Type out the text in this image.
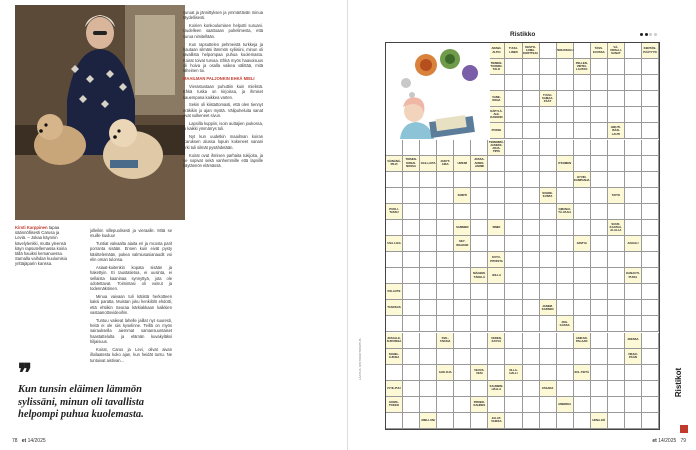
Kirsti Karppinen tapaa säännöllisesti Carusa ja Leviä. – Jokaa käynnin kävelylenkki, mutta yleensä käyn rapsutellemassa koiria tällä hauiksi kemanuessa. Samalla vaihdan kuulumisia yrittäjäparin kanssa.

jolleikin sillepuolisesti ja vieraalle. Mitä se muille kuuluu!

Tuntiat valvaalta aiaita eri ja mcosta parit porranta sisään. Ennen kuin eivät pysty käsittelemään, pukea valmiusasianaudit voi elin oman tulonsa.

Asiaat-kuitenkin kopata sisään ja hakettyin. Ei taustatietoa, ei uusinta, ei sellaista kaaninaa synnyttyä, jota ole odotettavat. Toimintasi oli voinut ja todennäköinen.

Minua vaivaan tuli kätistä herkotteen kaksi paratta. Muistan joku henkilölö ehdotti, että ehtiikin Seuraa kärkiakkaan kaikkien vastaanottovideoihin.

Tuntuu vaikeat lahelle jaillat nyt suuresti, heitä ei ole siis kyselinne. Teillä on myös sairauksella aiemmat samansuuntaiset haastattelulta ja elämän kuvakyläksi hiljaisuus.

Koirat, Carus ja Levi, olivat aivan illoilaatesta koko ajan, kun heidät tuntu. Ne tuntuivat aistivan...

suruat ja jännittyksen ja ymmärtävän minua täydellisesti.

Koirien konkoulumisen helpotti suruani. Uudelleen saattoaan puhelimesta, että surua nimitellään.

Kun rapsuttelen pehmeistä turkkeja ja hautaan silmäni lämmön syliisiini, minun oli tavallista helpompaa puhua kuolemasta. Koirat toivat turvaa. Ehkä myös haavoisuus oli hoiva ja osalla vaikea välittää, mitä läheinen toi.

MAAILMAN PALJONKIN EHKÄ MIELI

Vierastustaan puhuttiin kuin mielistä. Ehkä tuska on kirjoissa, ja ihmiset kauempana kaikkea varten.

Sekin oli kiistattomasti, että olen tiennyt eräkikin jo ajan myötä. Välipuheluita sanat ovat sulkeneet sivun.

Lapsilla kuppiin, isoin auttajien joukossa, ja kaikki ymmärrys tuli.

Nyt kun uudetkin maailman koiran Caruksen alussa lopuin kokeneet sanani arki tuli silmät pysähdetään.

Koirat ovat ihmisen parhaita tukijoita, ja ne sopivat sekä vanhemmille että lapsille käytännön elämässä.

❞
Kun tunsin eläimen lämmön sylissäni, minun oli tavallista helpompi puhua kuolemasta.
78 et 14/2025
Ristikko
ARABI-ALTIO
TUULI-LINEN
KESTO-LOMA-KORTTEJA
VERHOSOLU	TÄSS-KUUSSA
VÄ-VIRALLI-SANAT
KENTÄN-PÄÄTYYN
TIEMEN-TUOMIO-TALO
VANE-MOJA
KÄPYLÄ-AHI-KANNON
POSSE
TEREMMÄ-JASEKK-JOJA-TIPIS
VÄINÄNÄ-PILVI
TOISEN-KONAI-NOSSA
OLE-LAITA	JANYT-AIKA	UMIUM
JOSSA-ANSIO-JAMMI
PELLEN-VIRTEI-LAUTAO
TUULI-SAMAA-PÄÄT
HIEUTI-ISÄN-LAHTI
ITKOMEN
HYVIN-KAMPANJA
SOINTI	SUHDE-KUNTA	TAITO
PUOLI-TASSU
OMANAI-TÄ-VAALI
SAMMER	SIMIO
USA-LIGA	SKY-WALKER	ARVIYA	JUHALU
SUUR-KAATAA-ALALLA
KUTU-PITOISTA
MÄGEMI-TÄKELÄ	JOLLA	KANAUTI-PUOLI
PALAUTE
TASOKAS	JANEM-KARSEN
JOG-GASSA
JOSALLE-SURUISSA
SVIL-TAKKIA
VEDEN-KAYVÄ
ASIKAN-PALAAN	JOESSA
SOHEL-LUKSIA
VEUVA-VESI
OLLA-HALLI	SUL-TEITÄ
IVYE-PUU	KAUNEIN-HÄLLA
PROBO-KAHDES
HOMA-TOKKO
JALAT-VAIKKA
AHO-OJA
VIKAO-PÄÄN
VASARA
AMERIKA
HIINA-KÖ
MIELI-UNI
LAATIJA: RISTIKKOTOIMITUS
Ristikot
et 14/2025 79
